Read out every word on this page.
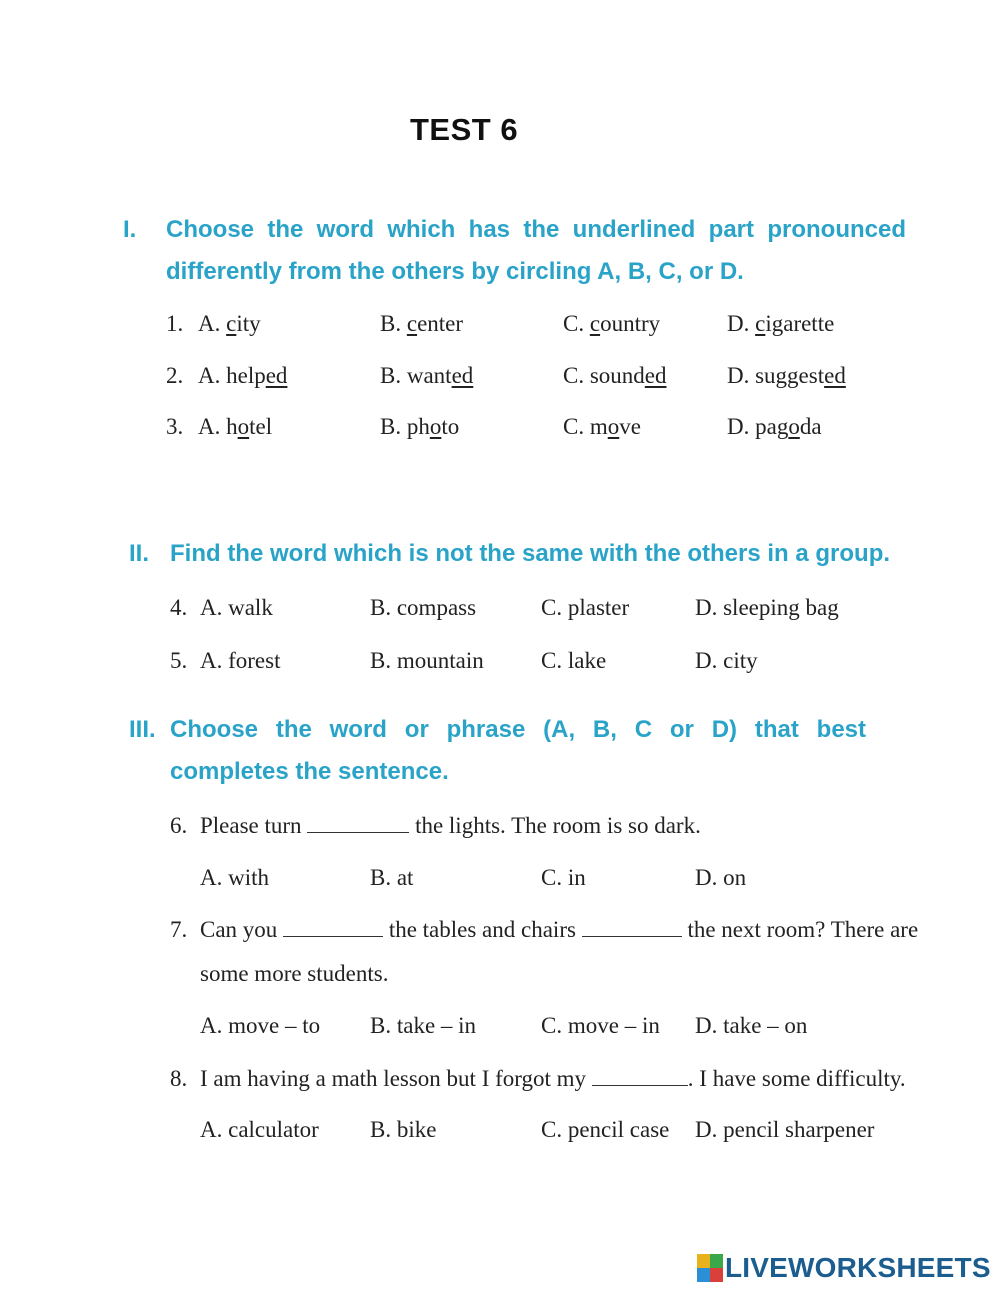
TEST 6
I. Choose the word which has the underlined part pronounced differently from the others by circling A, B, C, or D.
1. A. city	B. center	C. country	D. cigarette
2. A. helped	B. wanted	C. sounded	D. suggested
3. A. hotel	B. photo	C. move	D. pagoda
II. Find the word which is not the same with the others in a group.
4. A. walk	B. compass	C. plaster	D. sleeping bag
5. A. forest	B. mountain C. lake	D. city
III. Choose the word or phrase (A, B, C or D) that best completes the sentence.
6. Please turn	the lights. The room is so dark.
A. with	B. at	C. in	D. on
7. Can you	the tables and chairs	the next room? There are
some more students.
A. move – to B. take – in	C. move – in D. take – on
8. I am having a math lesson but I forgot my	. I have some difficulty.
A. calculator B. bike	C. pencil case D. pencil sharpener
LIVEWORKSHEETS
